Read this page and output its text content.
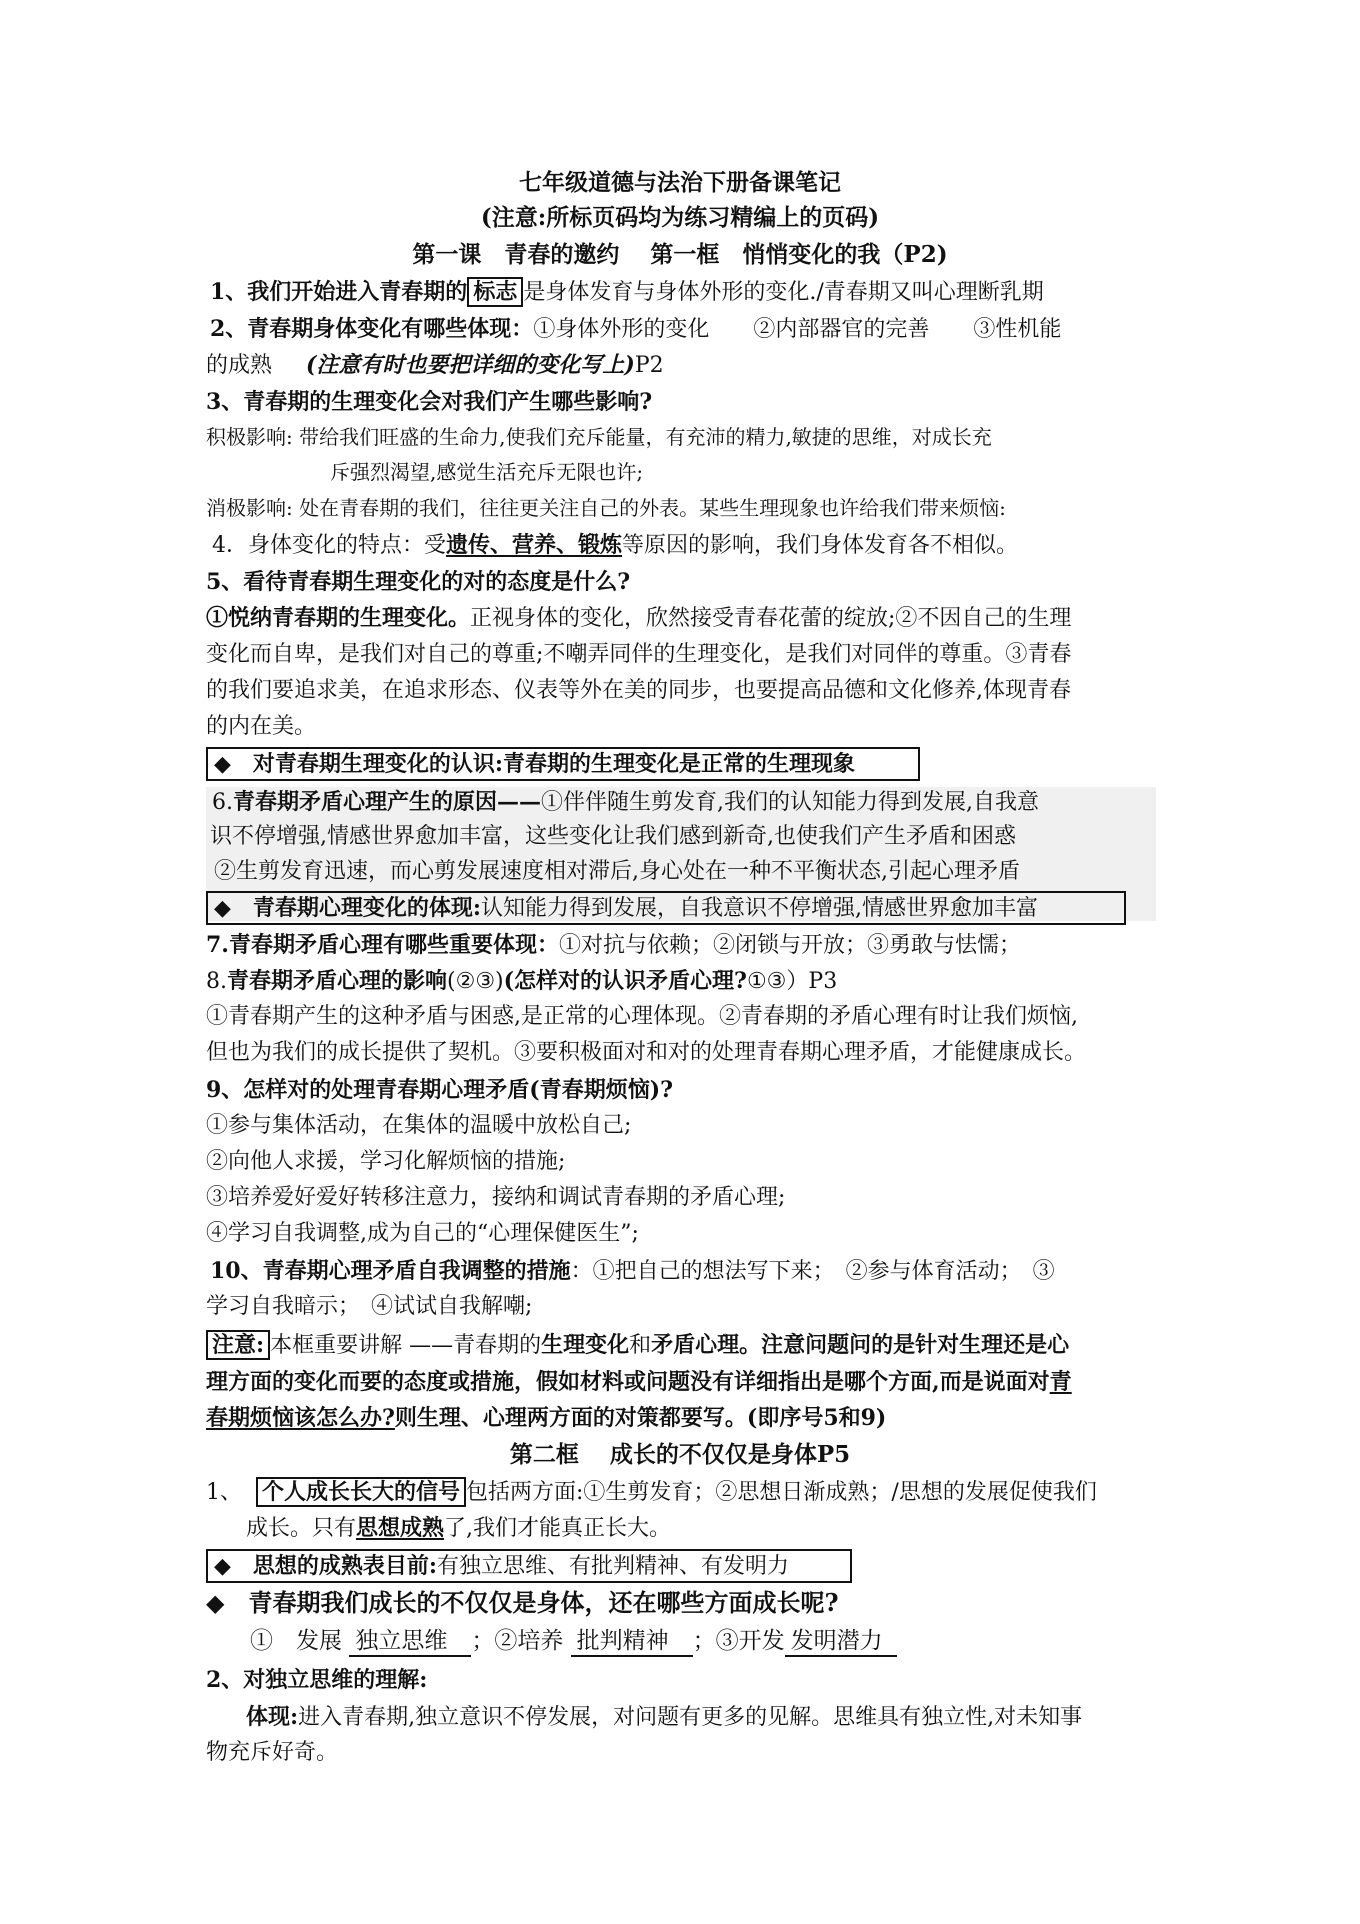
七年级道德与法治下册备课笔记
(注意:所标页码均为练习精编上的页码)
第一课　青春的邀约　 第一框　悄悄变化的我（P2)
1、我们开始进入青春期的 标志 是身体发育与身体外形的变化./青春期又叫心理断乳期
2、青春期身体变化有哪些体现：①身体外形的变化　　②内部器官的完善　　③性机能
的成熟 (注意有时也要把详细的变化写上)P2
3、青春期的生理变化会对我们产生哪些影响?
积极影响: 带给我们旺盛的生命力,使我们充斥能量，有充沛的精力,敏捷的思维，对成长充
斥强烈渴望,感觉生活充斥无限也许;
消极影响: 处在青春期的我们，往往更关注自己的外表。某些生理现象也许给我们带来烦恼:
4．身体变化的特点：受遗传、营养、锻炼等原因的影响，我们身体发育各不相似。
5、看待青春期生理变化的对的态度是什么?
①悦纳青春期的生理变化。正视身体的变化，欣然接受青春花蕾的绽放;②不因自己的生理
变化而自卑，是我们对自己的尊重;不嘲弄同伴的生理变化，是我们对同伴的尊重。③青春
的我们要追求美，在追求形态、仪表等外在美的同步，也要提高品德和文化修养,体现青春
的内在美。
◆　对青春期生理变化的认识:青春期的生理变化是正常的生理现象
6.青春期矛盾心理产生的原因——①伴伴随生剪发育,我们的认知能力得到发展,自我意
识不停增强,情感世界愈加丰富，这些变化让我们感到新奇,也使我们产生矛盾和困惑
②生剪发育迅速，而心剪发展速度相对滞后,身心处在一种不平衡状态,引起心理矛盾
◆　青春期心理变化的体现:认知能力得到发展，自我意识不停增强,情感世界愈加丰富
7.青春期矛盾心理有哪些重要体现：①对抗与依赖；②闭锁与开放；③勇敢与怯懦；
8.青春期矛盾心理的影响(②③)(怎样对的认识矛盾心理?①③）P3
①青春期产生的这种矛盾与困惑,是正常的心理体现。②青春期的矛盾心理有时让我们烦恼,
但也为我们的成长提供了契机。③要积极面对和对的处理青春期心理矛盾，才能健康成长。
9、怎样对的处理青春期心理矛盾(青春期烦恼)?
①参与集体活动，在集体的温暖中放松自己;
②向他人求援，学习化解烦恼的措施;
③培养爱好爱好转移注意力，接纳和调试青春期的矛盾心理;
④学习自我调整,成为自己的“心理保健医生”;
10、青春期心理矛盾自我调整的措施：①把自己的想法写下来；　②参与体育活动；　③
学习自我暗示；　④试试自我解嘲;
注意: 本框重要讲解 ——青春期的生理变化和矛盾心理。注意问题问的是针对生理还是心
理方面的变化而要的态度或措施，假如材料或问题没有详细指出是哪个方面,而是说面对青
春期烦恼该怎么办?则生理、心理两方面的对策都要写。(即序号5和9)
第二框　 成长的不仅仅是身体P5
1、 个人成长长大的信号 包括两方面:①生剪发育；②思想日渐成熟；/思想的发展促使我们
成长。只有思想成熟了,我们才能真正长大。
◆　思想的成熟表目前:有独立思维、有批判精神、有发明力
◆　青春期我们成长的不仅仅是身体，还在哪些方面成长呢?
①　发展 独立思维 ；②培养 批判精神 ；③开发 发明潜力
2、对独立思维的理解:
体现:进入青春期,独立意识不停发展，对问题有更多的见解。思维具有独立性,对未知事
物充斥好奇。
